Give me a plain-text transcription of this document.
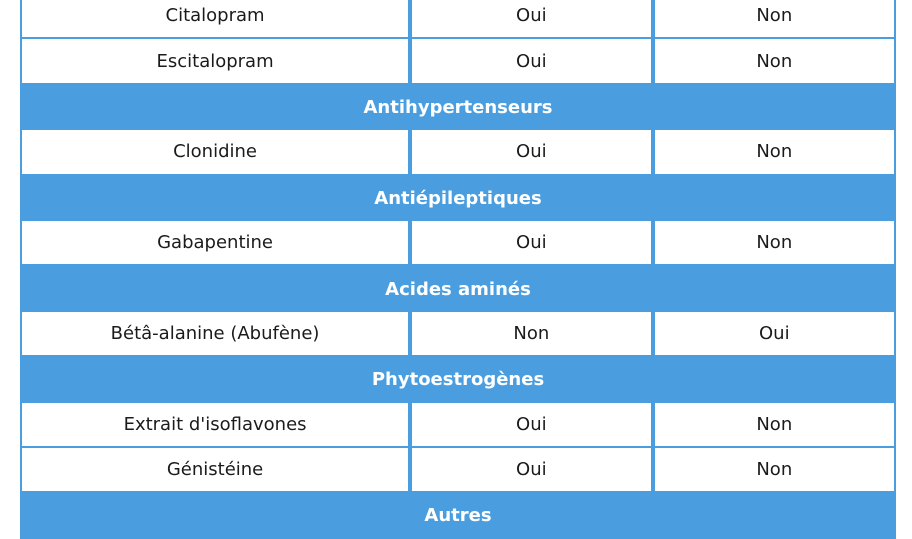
Citalopram	Oui	Non
Escitalopram	Oui	Non
Antihypertenseurs
Clonidine	Oui	Non
Antiépileptiques
Gabapentine	Oui	Non
Acides aminés
Bétâ-alanine (Abufène)	Non	Oui
Phytoestrogènes
Extrait d'isoflavones	Oui	Non
Génistéine	Oui	Non
Autres
